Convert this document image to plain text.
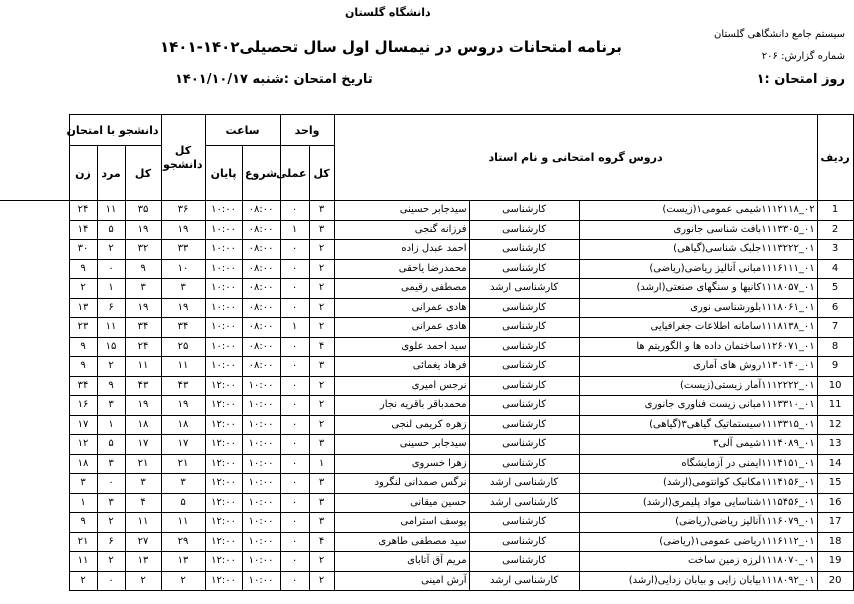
دانشگاه گلستان
سیستم جامع دانشگاهی گلستان
شماره گزارش: ۲۰۶
برنامه امتحانات دروس در نیمسال اول سال تحصیلی۱۴۰۲-۱۴۰۱
تاریخ امتحان :شنبه ۱۴۰۱/۱۰/۱۷	روز امتحان :۱
ردیف	دروس گروه امتحانی و نام استاد			واحد		ساعت		کل دانشجو	دانشجو با امتحان			
				کل	عملی	شروع	پایان		کل	مرد	زن	
1	۰۲_۱۱۱۲۱۱۸شیمی عمومی۱(زیست)	کارشناسی	سیدجابر حسینی	۳	۰	۰۸:۰۰	۱۰:۰۰	۳۶	۳۵	۱۱	۲۴	
2	۰۱_۱۱۱۳۳۰۵بافت شناسی جانوری	کارشناسی	فرزانه گنجی	۳	۱	۰۸:۰۰	۱۰:۰۰	۱۹	۱۹	۵	۱۴	
3	۰۱_۱۱۱۳۲۲۲جلبک شناسی(گیاهی)	کارشناسی	احمد عبدل زاده	۲	۰	۰۸:۰۰	۱۰:۰۰	۳۳	۳۲	۲	۳۰	
4	۰۱_۱۱۱۶۱۱۱مبانی آنالیز ریاضی(ریاضی)	کارشناسی	محمدرضا یاحقی	۲	۰	۰۸:۰۰	۱۰:۰۰	۱۰	۹	۰	۹	
5	۰۱_۱۱۱۸۰۵۷کانیها و سنگهای صنعتی(ارشد)	کارشناسی ارشد	مصطفی رقیمی	۲	۰	۰۸:۰۰	۱۰:۰۰	۳	۳	۱	۲	
6	۰۱_۱۱۱۸۰۶۱بلورشناسی نوری	کارشناسی	هادی عمرانی	۲	۰	۰۸:۰۰	۱۰:۰۰	۱۹	۱۹	۶	۱۳	
7	۰۱_۱۱۱۸۱۳۸سامانه اطلاعات جغرافیایی	کارشناسی	هادی عمرانی	۲	۱	۰۸:۰۰	۱۰:۰۰	۳۴	۳۴	۱۱	۲۳	
8	۰۱_۱۱۲۶۰۷۱ساختمان داده ها و الگوریتم ها	کارشناسی	سید احمد علوی	۴	۰	۰۸:۰۰	۱۰:۰۰	۲۵	۲۴	۱۵	۹	
9	۰۱_۱۱۳۰۱۴۰روش های آماری	کارشناسی	فرهاد یغمائی	۳	۰	۰۸:۰۰	۱۰:۰۰	۱۱	۱۱	۲	۹	
10	۰۱_۱۱۱۲۲۲۲آمار زیستی(زیست)	کارشناسی	نرجس امیری	۲	۰	۱۰:۰۰	۱۲:۰۰	۴۳	۴۳	۹	۳۴	
11	۰۱_۱۱۱۳۳۱۰مبانی زیست فناوری جانوری	کارشناسی	محمدباقر باقریه نجار	۲	۰	۱۰:۰۰	۱۲:۰۰	۱۹	۱۹	۳	۱۶	
12	۰۱_۱۱۱۳۳۱۵سیستماتیک گیاهی۳(گیاهی)	کارشناسی	زهره کریمی لنجی	۲	۰	۱۰:۰۰	۱۲:۰۰	۱۸	۱۸	۱	۱۷	
13	۰۱_۱۱۱۴۰۸۹شیمی آلی۳	کارشناسی	سیدجابر حسینی	۳	۰	۱۰:۰۰	۱۲:۰۰	۱۷	۱۷	۵	۱۲	
14	۰۱_۱۱۱۴۱۵۱ایمنی در آزمایشگاه	کارشناسی	زهرا خسروی	۱	۰	۱۰:۰۰	۱۲:۰۰	۲۱	۲۱	۳	۱۸	
15	۰۱_۱۱۱۴۱۵۶مکانیک کوانتومی(ارشد)	کارشناسی ارشد	نرگس صمدانی لنگرود	۳	۰	۱۰:۰۰	۱۲:۰۰	۳	۳	۰	۳	
16	۰۱_۱۱۱۵۴۵۶شناسایی مواد پلیمری(ارشد)	کارشناسی ارشد	حسین میقانی	۳	۰	۱۰:۰۰	۱۲:۰۰	۵	۴	۳	۱	
17	۰۱_۱۱۱۶۰۷۹آنالیز ریاضی(ریاضی)	کارشناسی	یوسف استرامی	۳	۰	۱۰:۰۰	۱۲:۰۰	۱۱	۱۱	۲	۹	
18	۰۱_۱۱۱۶۱۱۲ریاضی عمومی۱(ریاضی)	کارشناسی	سید مصطفی طاهری	۴	۰	۱۰:۰۰	۱۲:۰۰	۲۹	۲۷	۶	۲۱	
19	۰۱_۱۱۱۸۰۷۰لرزه زمین ساخت	کارشناسی	مریم آق آتابای	۲	۰	۱۰:۰۰	۱۲:۰۰	۱۳	۱۳	۲	۱۱	
20	۰۱_۱۱۱۸۰۹۲بیابان زایی و بیابان زدایی(ارشد)	کارشناسی ارشد	آرش امینی	۲	۰	۱۰:۰۰	۱۲:۰۰	۲	۲	۰	۲	
